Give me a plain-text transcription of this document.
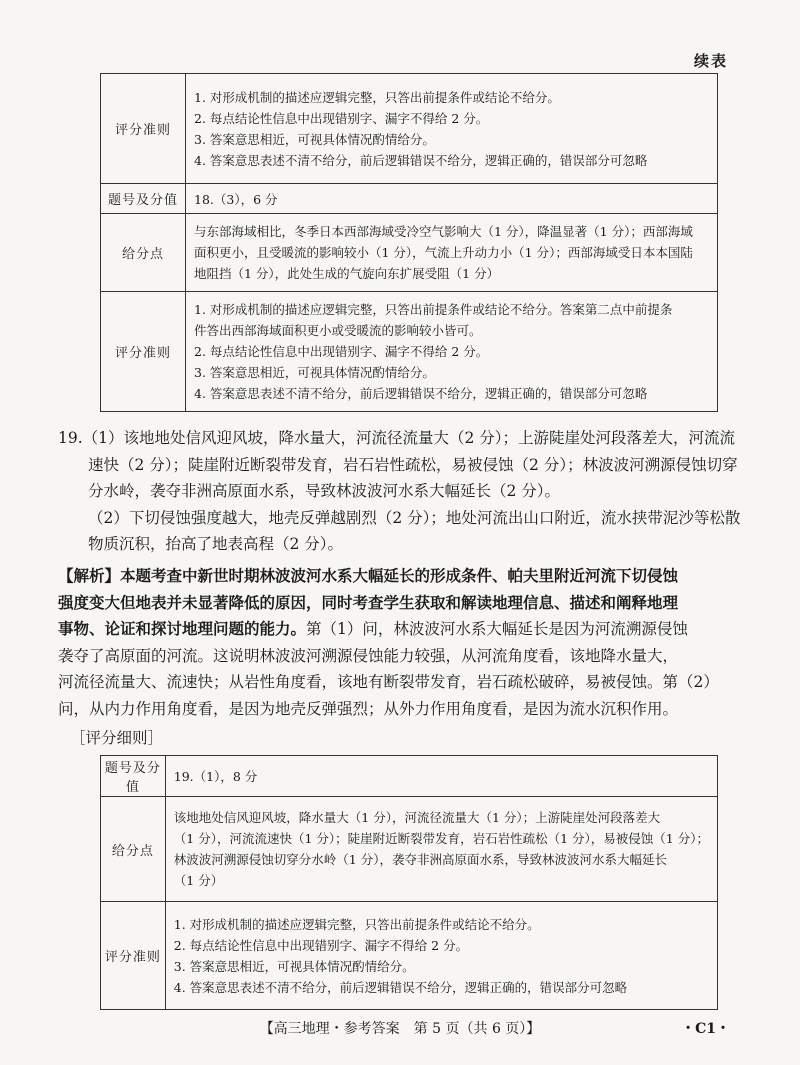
续表
评分准则	1. 对形成机制的描述应逻辑完整，只答出前提条件或结论不给分。
2. 每点结论性信息中出现错别字、漏字不得给 2 分。
3. 答案意思相近，可视具体情况酌情给分。
4. 答案意思表述不清不给分，前后逻辑错误不给分，逻辑正确的，错误部分可忽略

题号及分值	18.（3），6 分
给分点	与东部海域相比，冬季日本西部海域受冷空气影响大（1 分），降温显著（1 分）；西部海域
面积更小，且受暖流的影响较小（1 分），气流上升动力小（1 分）；西部海域受日本本国陆
地阻挡（1 分），此处生成的气旋向东扩展受阻（1 分）

评分准则	1. 对形成机制的描述应逻辑完整，只答出前提条件或结论不给分。答案第二点中前提条
件答出西部海域面积更小或受暖流的影响较小皆可。
2. 每点结论性信息中出现错别字、漏字不得给 2 分。
3. 答案意思相近，可视具体情况酌情给分。
4. 答案意思表述不清不给分，前后逻辑错误不给分，逻辑正确的，错误部分可忽略
19.（1）该地地处信风迎风坡，降水量大，河流径流量大（2 分）；上游陡崖处河段落差大，河流流
速快（2 分）；陡崖附近断裂带发育，岩石岩性疏松，易被侵蚀（2 分）；林波波河溯源侵蚀切穿
分水岭，袭夺非洲高原面水系，导致林波波河水系大幅延长（2 分）。
（2）下切侵蚀强度越大，地壳反弹越剧烈（2 分）；地处河流出山口附近，流水挟带泥沙等松散
物质沉积，抬高了地表高程（2 分）。
【解析】本题考查中新世时期林波波河水系大幅延长的形成条件、帕夫里附近河流下切侵蚀
强度变大但地表并未显著降低的原因，同时考查学生获取和解读地理信息、描述和阐释地理
事物、论证和探讨地理问题的能力。第（1）问，林波波河水系大幅延长是因为河流溯源侵蚀
袭夺了高原面的河流。这说明林波波河溯源侵蚀能力较强，从河流角度看，该地降水量大，
河流径流量大、流速快；从岩性角度看，该地有断裂带发育，岩石疏松破碎，易被侵蚀。第（2）
问，从内力作用角度看，是因为地壳反弹强烈；从外力作用角度看，是因为流水沉积作用。
［评分细则］
题号及分值	19.（1），8 分
给分点	该地地处信风迎风坡，降水量大（1 分），河流径流量大（1 分）；上游陡崖处河段落差大
（1 分），河流流速快（1 分）；陡崖附近断裂带发育，岩石岩性疏松（1 分），易被侵蚀（1 分）；
林波波河溯源侵蚀切穿分水岭（1 分），袭夺非洲高原面水系，导致林波波河水系大幅延长
（1 分）

评分准则	1. 对形成机制的描述应逻辑完整，只答出前提条件或结论不给分。
2. 每点结论性信息中出现错别字、漏字不得给 2 分。
3. 答案意思相近，可视具体情况酌情给分。
4. 答案意思表述不清不给分，前后逻辑错误不给分，逻辑正确的，错误部分可忽略
【高三地理・参考答案　第 5 页（共 6 页）】	・C1・
